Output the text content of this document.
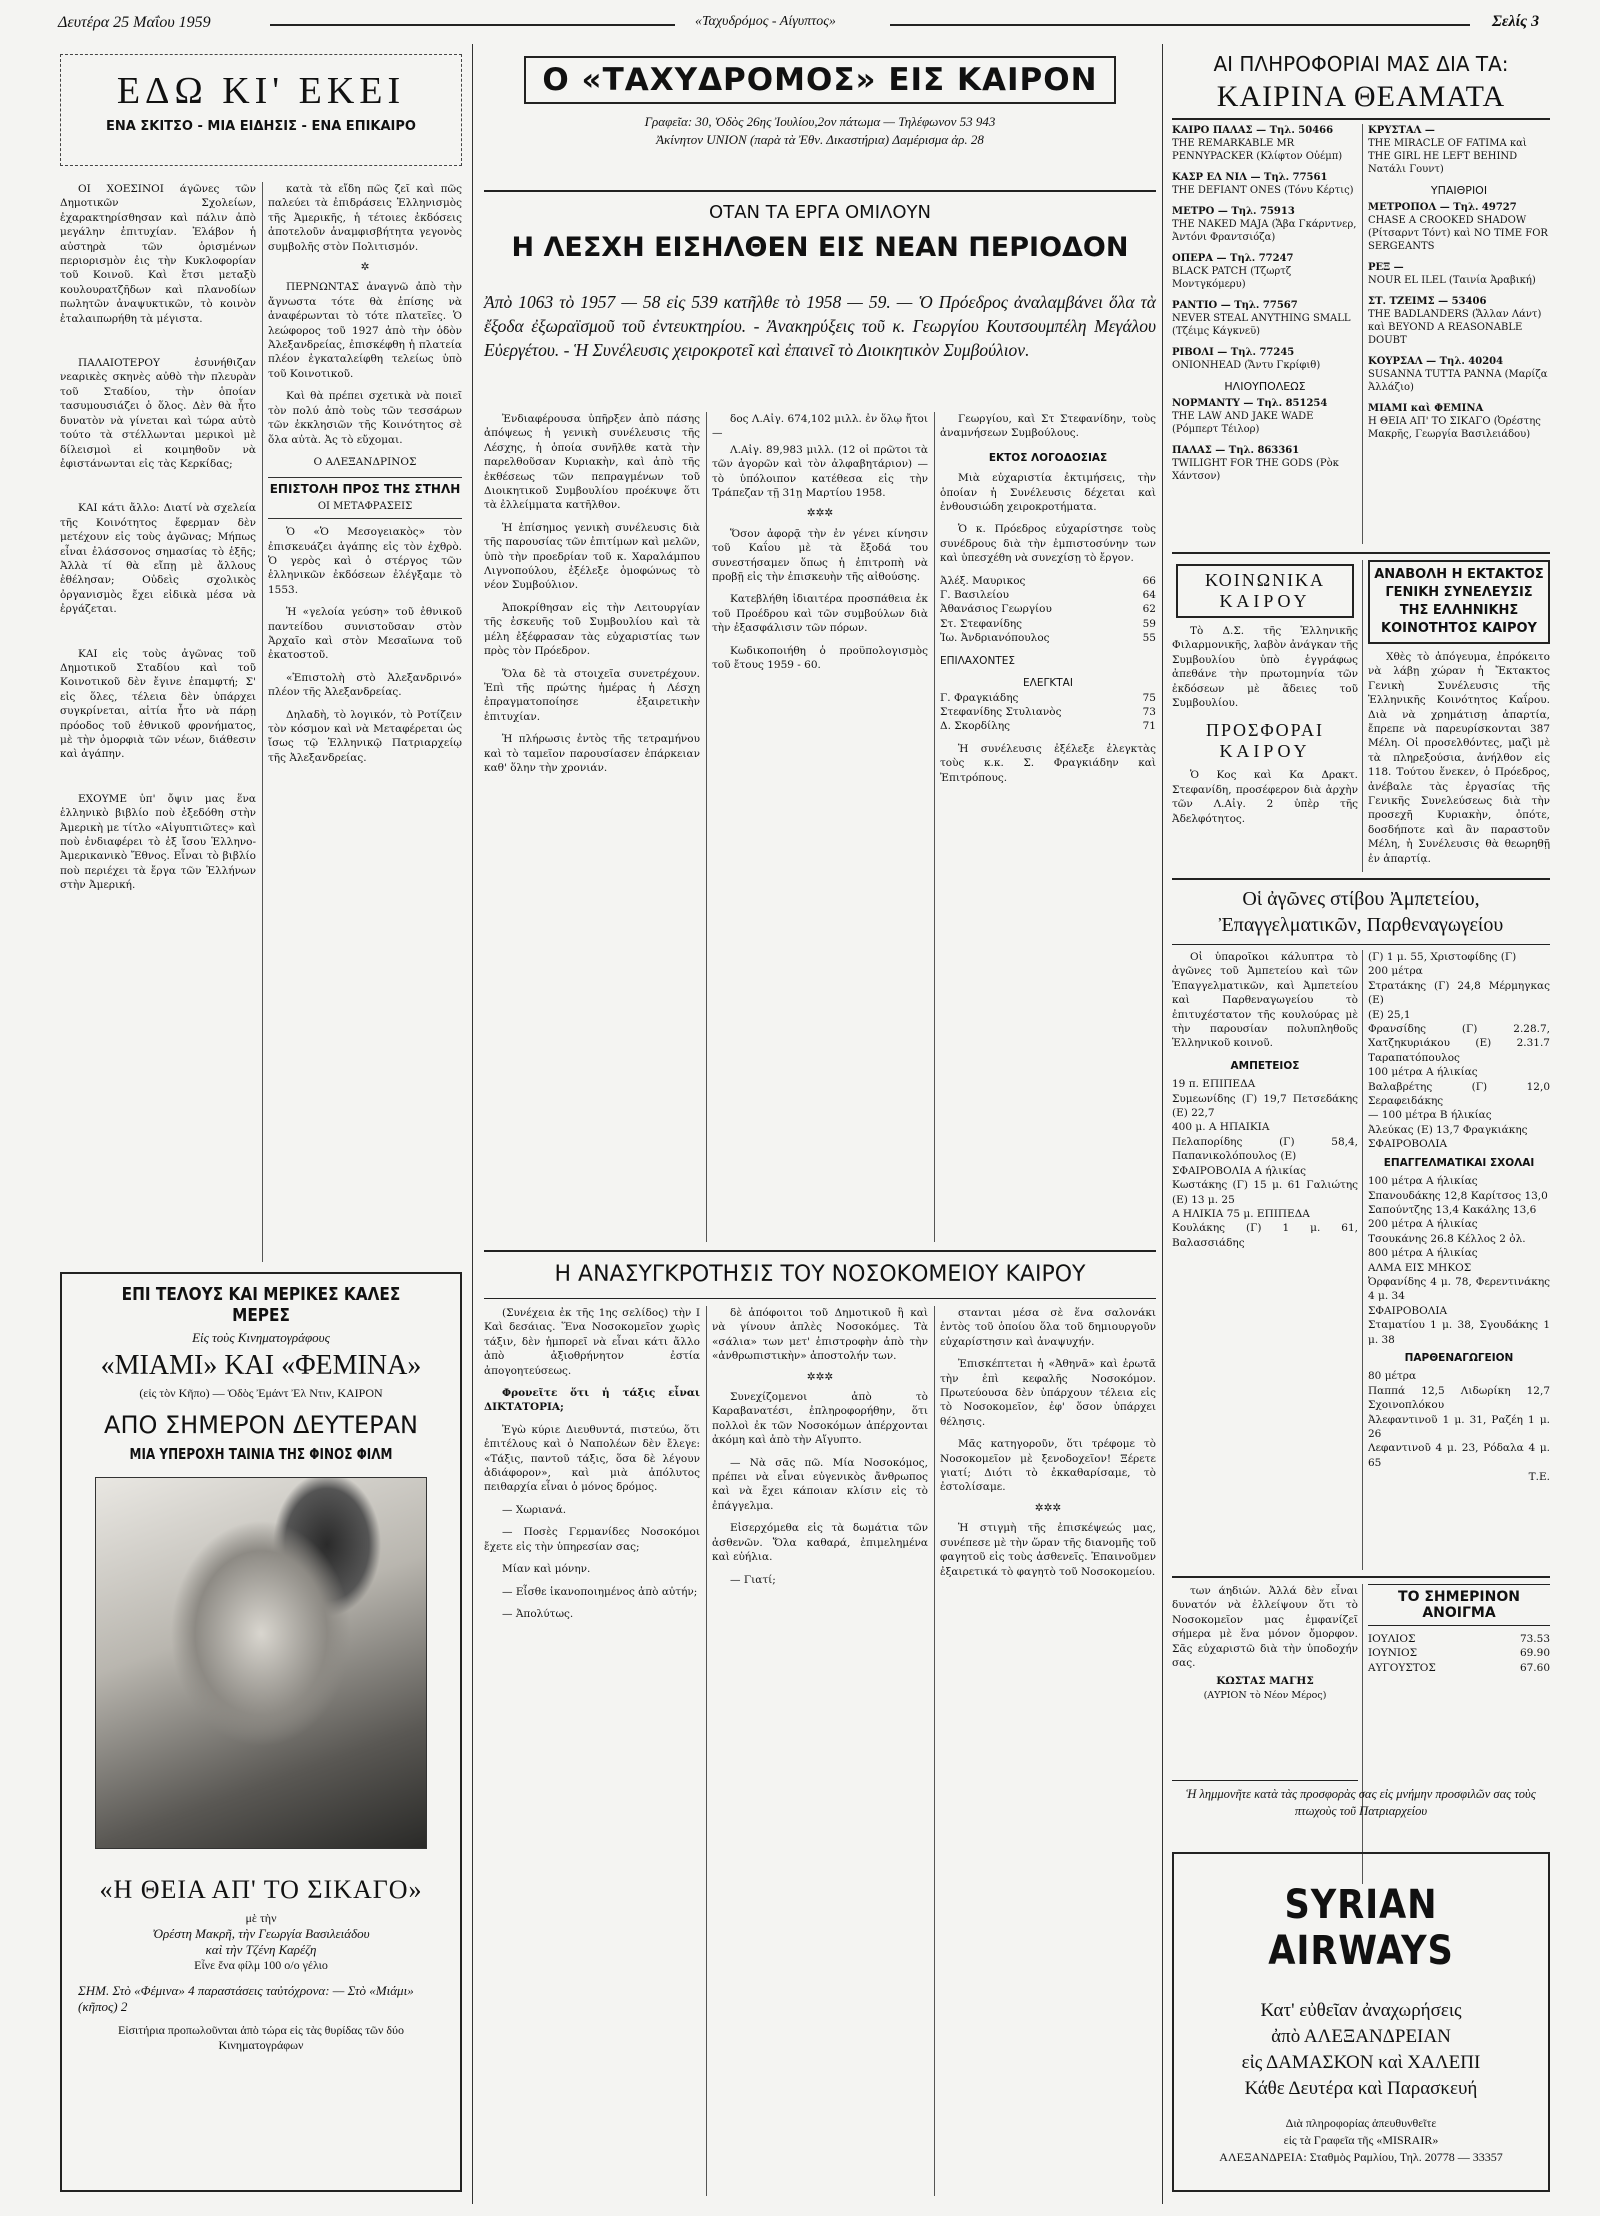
Δευτέρα 25 Μαΐου 1959	«Ταχυδρόμος - Αίγυπτος»	Σελίς 3
ΕΔΩ ΚΙ' ΕΚΕΙ
ΕΝΑ ΣΚΙΤΣΟ - ΜΙΑ ΕΙΔΗΣΙΣ - ΕΝΑ ΕΠΙΚΑΙΡΟ

ΟΙ ΧΟΕΣΙΝΟΙ άγῶνες τῶν Δημοτικῶν Σχολείων, ἐχαρακτηρίσθησαν καὶ πάλιν ἀπὸ μεγάλην ἐπιτυχίαν. Ἐλάβον ἡ αὐστηρὰ τῶν ὁρισμένων περιορισμὸν ἐις τὴν Κυκλοφορίαν τοῦ Κοινοῦ. Καὶ ἔτσι μεταξὺ κουλουρατζῆδων καὶ πλανοδίων πωλητῶν ἀναψυκτικῶν, τὸ κοινὸν ἐταλαιπωρήθη τὰ μέγιστα.

ΠΑΛΑΙΟΤΕΡΟΥ ἐσυνήθιζαν νεαρικὲς σκηνὲς αὐθὸ τὴν πλευρὰν τοῦ Σταδίου, τὴν ὁποίαν τασυμουσιάζει ὁ ὅλος. Δὲν θὰ ἦτο δυνατὸν νὰ γίνεται καὶ τώρα αὐτὸ τούτο τὰ στέλλωνται μερικοὶ μὲ δίλεισμοὶ εἰ κοιμηθοῦν νὰ ἐφιστάνωνται εἰς τὰς Κερκίδας;

ΚΑΙ κάτι ἄλλο: Διατί νὰ σχελεία τῆς Κοινότητος ἔφερμαν δὲν μετέχουν εἰς τοὺς ἀγῶνας; Μήπως εἶναι ἐλάσσονος σημασίας τὸ ἑξῆς; Ἀλλὰ τί θὰ εἴπῃ μὲ ἄλλους ἐθέλησαν; Οὐδεὶς σχολικὸς ὀργανισμὸς ἔχει εἰδικὰ μέσα νὰ ἐργάζεται.

ΚΑΙ εἰς τοὺς ἀγῶνας τοῦ Δημοτικοῦ Σταδίου καὶ τοῦ Κοινοτικοῦ δὲν ἔγινε ἐπαμφτή; Σ' εἰς ὅλες, τέλεια δὲν ὑπάρχει συγκρίνεται, αἰτία ἦτο νὰ πάρῃ πρόοδος τοῦ ἐθνικοῦ φρονήματος, μὲ τὴν ὁμορφιὰ τῶν νέων, διάθεσιν καὶ ἀγάπην.

ΕΧΟΥΜΕ ὑπ' ὄψιν μας ἕνα ἑλληνικὸ βιβλίο ποὺ ἐξεδόθη στὴν Ἀμερικὴ με τίτλο «Αἰγυπτιῶτες» καὶ ποὺ ἐνδιαφέρει τὸ ἐξ ἴσου Ἑλληνο-Ἀμερικανικὸ Ἔθνος. Εἶναι τὸ βιβλίο ποὺ περιέχει τὰ ἔργα τῶν Ἑλλήνων στὴν Ἀμερική.

κατὰ τὰ εἴδη πῶς ζεῖ καὶ πῶς παλεύει τὰ ἐπιδράσεις Ἑλληνισμὸς τῆς Ἀμερικῆς, ἡ τέτοιες ἐκδόσεις ἀποτελοῦν ἀναμφισβήτητα γεγονὸς συμβολῆς στὸν Πολιτισμόν.

✲

ΠΕΡΝΩΝΤΑΣ ἀναγνῶ ἀπὸ τὴν ἄγνωστα τότε θὰ ἐπίσης νὰ ἀναφέρωνται τὸ τότε πλατεῖες. Ὁ λεώφορος τοῦ 1927 ἀπὸ τὴν ὁδὸν Ἀλεξανδρείας, ἐπισκέφθη ἡ πλατεία πλέον ἐγκαταλείφθη τελείως ὑπὸ τοῦ Κοινοτικοῦ.

Καὶ θὰ πρέπει σχετικὰ νὰ ποιεῖ τὸν πολύ ἀπὸ τοὺς τῶν τεσσάρων τῶν ἐκκλησιῶν τῆς Κοινότητος σὲ ὅλα αὐτὰ. Ἀς τὸ εὔχομαι.

Ο ΑΛΕΞΑΝΔΡΙΝΟΣ
ΕΠΙΣΤΟΛΗ ΠΡΟΣ ΤΗΣ ΣΤΗΛΗ
ΟΙ ΜΕΤΑΦΡΑΣΕΙΣ

Ὁ «Ὁ Μεσογειακὸς» τὸν ἐπισκευάζει ἀγάπης εἰς τὸν ἐχθρὸ. Ὁ γερὸς καὶ ὁ στέργος τῶν ἑλληνικῶν ἐκδόσεων ἐλέγξαμε τὸ 1553.

Ἡ «γελοία γεύση» τοῦ ἐθνικοῦ παντείδου συνιστοῦσαν στὸν Ἀρχαῖο καὶ στὸν Μεσαῖωνα τοῦ ἐκατοστοῦ.

«Ἐπιστολὴ στὸ Ἀλεξανδρινό» πλέον τῆς Ἀλεξανδρείας.

Δηλαδὴ, τὸ λογικόν, τὸ Ροτίζειν τὸν κόσμον καὶ νὰ Μεταφέρεται ὡς ἴσως τῷ Ἑλληνικῷ Πατριαρχείῳ τῆς Ἀλεξανδρείας.

ΕΠΙ ΤΕΛΟΥΣ ΚΑΙ ΜΕΡΙΚΕΣ ΚΑΛΕΣ ΜΕΡΕΣ
Εἰς τοὺς Κινηματογράφους
«ΜΙΑΜΙ» ΚΑΙ «ΦΕΜΙΝΑ»
(εἰς τὸν Κῆπο) — Ὁδὸς Ἐμάντ Ἐλ Ντιν, ΚΑΙΡΟΝ
ΑΠΟ ΣΗΜΕΡΟΝ ΔΕΥΤΕΡΑΝ
ΜΙΑ ΥΠΕΡΟΧΗ ΤΑΙΝΙΑ ΤΗΣ ΦΙΝΟΣ ΦΙΛΜ
«Η ΘΕΙΑ ΑΠ' ΤΟ ΣΙΚΑΓΟ»
μὲ τὴν
Ὀρέστη Μακρῆ, τὴν Γεωργία Βασιλειάδου
καὶ τὴν Τζένη Καρέζη
Εἶνε ἕνα φίλμ 100 ο/ο γέλιο
ΣΗΜ. Στὸ «Φέμινα» 4 παραστάσεις ταὐτόχρονα: — Στὸ «Μιάμι» (κῆπος) 2
Εἰσιτήρια προπωλοῦνται ἀπὸ τώρα εἰς τὰς θυρίδας τῶν δύο Κινηματογράφων
Ο «ΤΑΧΥΔΡΟΜΟΣ» ΕΙΣ ΚΑΙΡΟΝ
Γραφεῖα: 30, Ὁδὸς 26ης Ἰουλίου,2ον πάτωμα — Τηλέφωνον 53 943
Ἀκίνητον UNION (παρὰ τὰ Ἐθν. Δικαστήρια) Δαμέρισμα ἀρ. 28
ΟΤΑΝ ΤΑ ΕΡΓΑ ΟΜΙΛΟΥΝ
Η ΛΕΣΧΗ ΕΙΣΗΛΘΕΝ ΕΙΣ ΝΕΑΝ ΠΕΡΙΟΔΟΝ
Ἀπὸ 1063 τὸ 1957 — 58 εἰς 539 κατῆλθε τὸ 1958 — 59. — Ὁ Πρόεδρος ἀναλαμβάνει ὅλα τὰ ἔξοδα ἐξωραϊσμοῦ τοῦ ἐντευκτηρίου. - Ἀνακηρύξεις τοῦ κ. Γεωργίου Κουτσουμπέλη Μεγάλου Εὐεργέτου. - Ἡ Συνέλευσις χειροκροτεῖ καὶ ἐπαινεῖ τὸ Διοικητικὸν Συμβούλιον.

Ἐνδιαφέρουσα ὑπῆρξεν ἀπὸ πάσης ἀπόψεως ἡ γενικὴ συνέλευσις τῆς Λέσχης, ἡ ὁποία συνῆλθε κατὰ τὴν παρελθοῦσαν Κυριακὴν, καὶ ἀπὸ τῆς ἐκθέσεως τῶν πεπραγμένων τοῦ Διοικητικοῦ Συμβουλίου προέκυψε ὅτι τὰ ἐλλείμματα κατῆλθον.

Ἡ ἐπίσημος γενικὴ συνέλευσις διὰ τῆς παρουσίας τῶν ἐπιτίμων καὶ μελῶν, ὑπὸ τὴν προεδρίαν τοῦ κ. Χαραλάμπου Λιγνοπούλου, ἐξέλεξε ὁμοφώνως τὸ νέον Συμβούλιον.

Ἀποκρίθησαν εἰς τὴν Λειτουργίαν τῆς ἐσκευῆς τοῦ Συμβουλίου καὶ τὰ μέλη ἐξέφρασαν τὰς εὐχαριστίας των πρὸς τὸν Πρόεδρον.

Ὅλα δὲ τὰ στοιχεῖα συνετρέχουν. Ἐπὶ τῆς πρώτης ἡμέρας ἡ Λέσχη ἐπραγματοποίησε ἐξαιρετικὴν ἐπιτυχίαν.

Ἡ πλήρωσις ἐντὸς τῆς τετραμήνου καὶ τὸ ταμεῖον παρουσίασεν ἐπάρκειαν καθ' ὅλην τὴν χρονιάν.

δος Λ.Αἰγ. 674,102 μιλλ. ἐν ὅλῳ ἤτοι —

Λ.Αἰγ. 89,983 μιλλ. (12 οἱ πρῶτοι τὰ τῶν ἀγορῶν καὶ τὸν ἀλφαβητάριον) — τὸ ὑπόλοιπον κατέθεσα εἰς τὴν Τράπεζαν τῇ 31ῃ Μαρτίου 1958.

✲✲✲

Ὅσον ἀφορᾷ τὴν ἐν γένει κίνησιν τοῦ Καΐου μὲ τὰ ἔξοδά του συνεστήσαμεν ὅπως ἡ ἐπιτροπὴ νὰ προβῇ εἰς τὴν ἐπισκευὴν τῆς αἰθούσης.

Κατεβλήθη ἰδιαιτέρα προσπάθεια ἐκ τοῦ Προέδρου καὶ τῶν συμβούλων διὰ τὴν ἐξασφάλισιν τῶν πόρων.

Κωδικοποιήθη ὁ προϋπολογισμὸς τοῦ ἔτους 1959 - 60.

Γεωργίου, καὶ Στ Στεφανίδην, τοὺς ἀναμνήσεων Συμβούλους.

ΕΚΤΟΣ ΛΟΓΟΔΟΣΙΑΣ

Μιὰ εὐχαριστία ἐκτιμήσεις, τὴν ὁποίαν ἡ Συνέλευσις δέχεται καὶ ἐνθουσιώδη χειροκροτήματα.

Ὁ κ. Πρόεδρος εὐχαρίστησε τοὺς συνέδρους διὰ τὴν ἐμπιστοσύνην των καὶ ὑπεσχέθη νὰ συνεχίσῃ τὸ ἔργον.

Ἀλέξ. Μαυρικος	66
Γ. Βασιλείου	64
Ἀθανάσιος Γεωργίου	62
Στ. Στεφανίδης	59
Ἰω. Ἀνδριανόπουλος	55
ΕΠΙΛΑΧΟΝΤΕΣ
ΕΛΕΓΚΤΑΙ
Γ. Φραγκιάδης	75
Στεφανίδης Στυλιανὸς	73
Δ. Σκορδίλης	71

Ἡ συνέλευσις ἐξέλεξε ἐλεγκτὰς τοὺς κ.κ. Σ. Φραγκιάδην καὶ Ἐπιτρόπους.

Η ΑΝΑΣΥΓΚΡΟΤΗΣΙΣ ΤΟΥ ΝΟΣΟΚΟΜΕΙΟΥ ΚΑΙΡΟΥ

(Συνέχεια ἐκ τῆς 1ης σελίδος) τὴν Ι Καὶ δεσάιας. Ἕνα Νοσοκομεῖον χωρὶς τάξιν, δὲν ἠμπορεῖ νὰ εἶναι κάτι ἄλλο ἀπὸ ἀξιοθρήνητον ἐστία ἀπογοητεύσεως.

Φρονεῖτε ὅτι ἡ τάξις εἶναι ΔΙΚΤΑΤΟΡΙΑ;

Ἐγὼ κύριε Διευθυντά, πιστεύω, ὅτι ἐπιτέλους καὶ ὁ Ναπολέων δὲν ἔλεγε: «Τάξις, παντοῦ τάξις, ὅσα δὲ λέγουν ἀδιάφορον», καὶ μιὰ ἀπόλυτος πειθαρχία εἶναι ὁ μόνος δρόμος.

— Χωριανά.

— Ποσὲς Γερμανίδες Νοσοκόμοι ἔχετε εἰς τὴν ὑπηρεσίαν σας;

Μίαν καὶ μόνην.

— Εἶσθε ἱκανοποιημένος ἀπὸ αὐτήν;

— Ἀπολύτως.

δὲ ἀπόφοιτοι τοῦ Δημοτικοῦ ἢ καὶ νὰ γίνουν ἁπλὲς Νοσοκόμες. Τὰ «σάλια» των μετ' ἐπιστροφὴν ἀπὸ τὴν «ἀνθρωπιστικὴν» ἀποστολήν των.

✲✲✲

Συνεχίζομενοι ἀπὸ τὸ Καραβανατέσι, ἐπληροφορήθην, ὅτι πολλοὶ ἐκ τῶν Νοσοκόμων ἀπέρχονται ἀκόμη καὶ ἀπὸ τὴν Αἴγυπτο.

— Νὰ σᾶς πῶ. Μία Νοσοκόμος, πρέπει νὰ εἶναι εὐγενικὸς ἄνθρωπος καὶ νὰ ἔχει κάποιαν κλίσιν εἰς τὸ ἐπάγγελμα.

Εἰσερχόμεθα εἰς τὰ δωμάτια τῶν ἀσθενῶν. Ὅλα καθαρά, ἐπιμελημένα καὶ εὐήλια.

— Γιατί;

στανται μέσα σὲ ἕνα σαλονάκι ἐντὸς τοῦ ὁποίου ὅλα τοῦ δημιουργοῦν εὐχαρίστησιν καὶ ἀναψυχήν.

Ἐπισκέπτεται ἡ «Ἀθηνᾶ» καὶ ἐρωτᾶ τὴν ἐπὶ κεφαλῆς Νοσοκόμον. Πρωτεύουσα δὲν ὑπάρχουν τέλεια εἰς τὸ Νοσοκομεῖον, ἐφ' ὅσον ὑπάρχει θέλησις.

Μᾶς κατηγοροῦν, ὅτι τρέφομε τὸ Νοσοκομεῖον μὲ ξενοδοχεῖον! Ξέρετε γιατί; Διότι τὸ ἐκκαθαρίσαμε, τὸ ἐστολίσαμε.

✲✲✲

Ἡ στιγμὴ τῆς ἐπισκέψεώς μας, συνέπεσε μὲ τὴν ὥραν τῆς διανομῆς τοῦ φαγητοῦ εἰς τοὺς ἀσθενεῖς. Ἐπαινοῦμεν ἐξαιρετικά τὸ φαγητὸ τοῦ Νοσοκομείου.

ΑΙ ΠΛΗΡΟΦΟΡΙΑΙ ΜΑΣ ΔΙΑ ΤΑ:
ΚΑΙΡΙΝΑ ΘΕΑΜΑΤΑ
ΚΑΙΡΟ ΠΑΛΑΣ — Τηλ. 50466
THE REMARKABLE MR PENNYPACKER (Κλίφτον Οὐέμπ)
ΚΑΣΡ ΕΛ ΝΙΛ — Τηλ. 77561
THE DEFIANT ONES (Τόνυ Κέρτις)
ΜΕΤΡΟ — Τηλ. 75913
THE NAKED MAJA (Ἄβα Γκάρντνερ, Ἀντόνι Φραντσιόζα)
ΟΠΕΡΑ — Τηλ. 77247
BLACK PATCH (Τζωρτζ Μοντγκόμερυ)
ΡΑΝΤΙΟ — Τηλ. 77567
NEVER STEAL ANYTHING SMALL (Τζέιμς Κάγκνεϋ)
ΡΙΒΟΛΙ — Τηλ. 77245
ONIONHEAD (Ἄντυ Γκρίφιθ)
ΗΛΙΟΥΠΟΛΕΩΣ
ΝΟΡΜΑΝΤΥ — Τηλ. 851254
THE LAW AND JAKE WADE (Ρόμπερτ Τέιλορ)
ΠΑΛΑΣ — Τηλ. 863361
TWILIGHT FOR THE GODS (Ρὸκ Χάντσον)
ΚΡΥΣΤΑΛ —
THE MIRACLE OF FATIMA καὶ THE GIRL HE LEFT BEHIND Νατάλι Γουντ)
ΥΠΑΙΘΡΙΟΙ
ΜΕΤΡΟΠΟΛ — Τηλ. 49727
CHASE A CROOKED SHADOW (Ρίτσαρντ Τόντ) καὶ NO TIME FOR SERGEANTS
ΡΕΞ —
NOUR EL ILEL (Ταινία Ἀραβική)
ΣΤ. ΤΖΕΙΜΣ — 53406
THE BADLANDERS (Ἄλλαν Λάντ) καὶ BEYOND A REASONABLE DOUBT
ΚΟΥΡΣΑΛ — Τηλ. 40204
SUSANNA TUTTA PANNA (Μαρίζα Ἀλλάζιο)
ΜΙΑΜΙ καὶ ΦΕΜΙΝΑ
Η ΘΕΙΑ ΑΠ' ΤΟ ΣΙΚΑΓΟ (Ὀρέστης Μακρῆς, Γεωργία Βασιλειάδου)
ΚΟΙΝΩΝΙΚΑ
ΚΑΙΡΟΥ

Τὸ Δ.Σ. τῆς Ἑλληνικῆς Φιλαρμονικῆς, λαβὸν ἀνάγκαν τῆς Συμβουλίου ὑπὸ ἐγγράφως ἀπεθάνε τὴν πρωτομηνία τῶν ἐκδόσεων μὲ ἄδειες τοῦ Συμβουλίου.

ΠΡΟΣΦΟΡΑΙ
ΚΑΙΡΟΥ

Ὁ Κος καὶ Κα Δρακτ. Στεφανίδη, προσέφερον διὰ ἀρχὴν τῶν Λ.Αἰγ. 2 ὑπὲρ τῆς Ἀδελφότητος.

ΑΝΑΒΟΛΗ Η ΕΚΤΑΚΤΟΣ ΓΕΝΙΚΗ ΣΥΝΕΛΕΥΣΙΣ ΤΗΣ ΕΛΛΗΝΙΚΗΣ ΚΟΙΝΟΤΗΤΟΣ ΚΑΙΡΟΥ

Χθὲς τὸ ἀπόγευμα, ἐπρόκειτο νὰ λάβῃ χώραν ἡ Ἔκτακτος Γενικὴ Συνέλευσις τῆς Ἑλληνικῆς Κοινότητος Καΐρου. Διὰ νὰ χρημάτισῃ ἀπαρτία, ἔπρεπε νὰ παρευρίσκονται 387 Μέλη. Οἱ προσελθόντες, μαζὶ μὲ τὰ πληρεξούσια, ἀνήλθον εἰς 118. Τούτου ἕνεκεν, ὁ Πρόεδρος, ἀνέβαλε τὰς ἐργασίας τῆς Γενικῆς Συνελεύσεως διὰ τὴν προσεχῆ Κυριακὴν, ὁπότε, δοσδήποτε καὶ ἂν παραστοῦν Μέλη, ἡ Συνέλευσις θὰ θεωρηθῇ ἐν ἀπαρτίᾳ.

Οἱ ἀγῶνες στίβου Ἀμπετείου,
Ἐπαγγελματικῶν, Παρθεναγωγείου

Οἱ ὑπαροῖκοι κάλυπτρα τὸ ἀγῶνες τοῦ Ἀμπετείου καὶ τῶν Ἐπαγγελματικῶν, καὶ Ἀμπετείου καὶ Παρθεναγωγείου τὸ ἐπιτυχέστατον τῆς κουλούρας μὲ τὴν παρουσίαν πολυπληθοῦς Ἑλληνικοῦ κοινοῦ.

ΑΜΠΕΤΕΙΟΣ
19 π. ΕΠΙΠΕΔΑ
Συμεωνίδης (Γ) 19,7 Πετσεδάκης (Ε) 22,7
400 μ. Α ΗΠΑΙΚΙΑ
Πελαπορίδης (Γ) 58,4, Παπανικολόπουλος (Ε)
ΣΦΑΙΡΟΒΟΛΙΑ Α ήλικίας
Κωστάκης (Γ) 15 μ. 61 Γαλιώτης (Ε) 13 μ. 25
Α ΗΛΙΚΙΑ 75 μ. ΕΠΙΠΕΔΑ
Κουλάκης (Γ) 1 μ. 61, Βαλασσιάδης
(Γ) 1 μ. 55, Χριστοφίδης (Γ)
200 μέτρα
Στρατάκης (Γ) 24,8 Μέρμηγκας (Ε)
(Ε) 25,1
Φρανσίδης (Γ) 2.28.7, Χατζηκυριάκου (Ε) 2.31.7 Ταραπατόπουλος
100 μέτρα Α ήλικίας
Βαλαβρέτης (Γ) 12,0 Σεραφειδάκης
— 100 μέτρα Β ήλικίας
Ἀλεύκας (Ε) 13,7 Φραγκιάκης
ΣΦΑΙΡΟΒΟΛΙΑ
ΕΠΑΓΓΕΛΜΑΤΙΚΑΙ ΣΧΟΛΑΙ
100 μέτρα Α ήλικίας
Σπανουδάκης 12,8 Καρίτσος 13,0
Σαπούντζης 13,4 Κακάλης 13,6
200 μέτρα Α ήλικίας
Τσουκάνης 26.8 Κέλλος 2 ὀλ.
800 μέτρα Α ήλικίας
ΑΛΜΑ ΕΙΣ ΜΗΚΟΣ
Ὀρφανίδης 4 μ. 78, Φερεντινάκης 4 μ. 34
ΣΦΑΙΡΟΒΟΛΙΑ
Σταματίου 1 μ. 38, Σγουδάκης 1 μ. 38
ΠΑΡΘΕΝΑΓΩΓΕΙΟΝ
80 μέτρα
Παππά 12,5 Λιδωρίκη 12,7 Σχοινοπλόκου
Ἀλεφαντινοῦ 1 μ. 31, Ραζέη 1 μ. 26
Λεφαντινοῦ 4 μ. 23, Ρόδαλα 4 μ. 65
Τ.Ε.

των άηδιών. Ἀλλά δὲν εἶναι δυνατόν νὰ ἐλλείψουν ὅτι τὸ Νοσοκομεῖον μας ἐμφανίζεῖ σήμερα μὲ ἕνα μόνον ὄμορφον. Σᾶς εὐχαριστῶ διὰ τὴν ὑποδοχήν σας.

ΚΩΣΤΑΣ ΜΑΓΗΣ
(ΑΥΡΙΟΝ τὸ Νέον Μέρος)
ΤΟ ΣΗΜΕΡΙΝΟΝ ΑΝΟΙΓΜΑ
ΙΟΥΛΙΟΣ	73.53
ΙΟΥΝΙΟΣ	69.90
ΑΥΓΟΥΣΤΟΣ	67.60
Ἡ λημμονῆτε κατὰ τὰς προσφορὰς σας εἰς μνήμην προσφιλῶν σας τοὺς πτωχοὺς τοῦ Πατριαρχείου
SYRIAN AIRWAYS
Κατ' εὐθεῖαν ἀναχωρήσεις
ἀπὸ ΑΛΕΞΑΝΔΡΕΙΑΝ
εἰς ΔΑΜΑΣΚΟΝ καὶ ΧΑΛΕΠΙ
Κάθε Δευτέρα καὶ Παρασκευή
Διὰ πληροφορίας ἀπευθυνθεῖτε
εἰς τὰ Γραφεῖα τῆς «MISRAIR»
ΑΛΕΞΑΝΔΡΕΙΑ: Σταθμὸς Ραμλίου, Τηλ. 20778 — 33357
